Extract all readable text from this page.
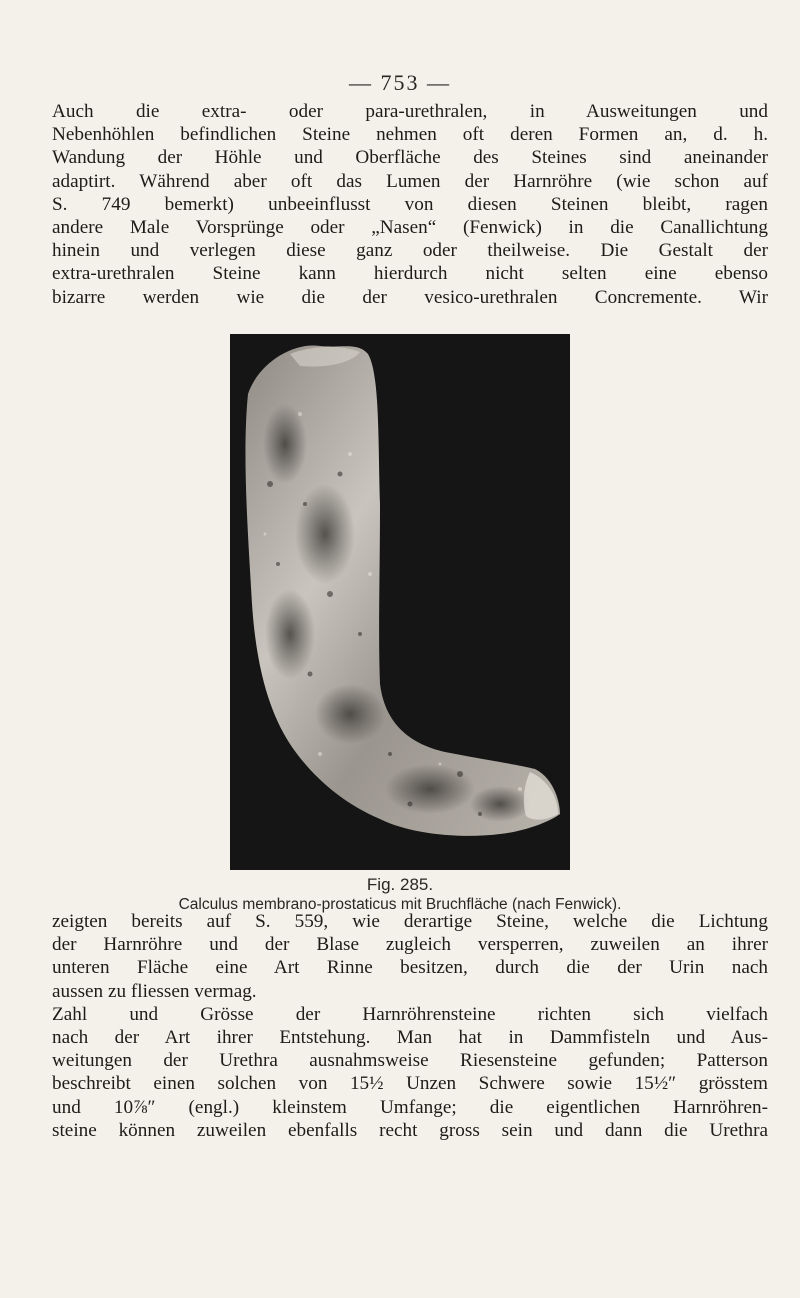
— 753 —
Auch die extra- oder para-urethralen, in Ausweitungen und
Nebenhöhlen befindlichen Steine nehmen oft deren Formen an, d. h.
Wandung der Höhle und Oberfläche des Steines sind aneinander
adaptirt. Während aber oft das Lumen der Harnröhre (wie schon auf
S. 749 bemerkt) unbeeinflusst von diesen Steinen bleibt, ragen
andere Male Vorsprünge oder „Nasen“ (Fenwick) in die Canallichtung
hinein und verlegen diese ganz oder theilweise. Die Gestalt der
extra-urethralen Steine kann hierdurch nicht selten eine ebenso
bizarre werden wie die der vesico-urethralen Concremente. Wir
Fig. 285.
Calculus membrano-prostaticus mit Bruchfläche (nach Fenwick).
zeigten bereits auf S. 559, wie derartige Steine, welche die Lichtung
der Harnröhre und der Blase zugleich versperren, zuweilen an ihrer
unteren Fläche eine Art Rinne besitzen, durch die der Urin nach
aussen zu fliessen vermag.
Zahl und Grösse der Harnröhrensteine richten sich vielfach
nach der Art ihrer Entstehung. Man hat in Dammfisteln und Aus-
weitungen der Urethra ausnahmsweise Riesensteine gefunden; Patterson
beschreibt einen solchen von 15½ Unzen Schwere sowie 15½″ grösstem
und 10⅞″ (engl.) kleinstem Umfange; die eigentlichen Harnröhren-
steine können zuweilen ebenfalls recht gross sein und dann die Urethra
